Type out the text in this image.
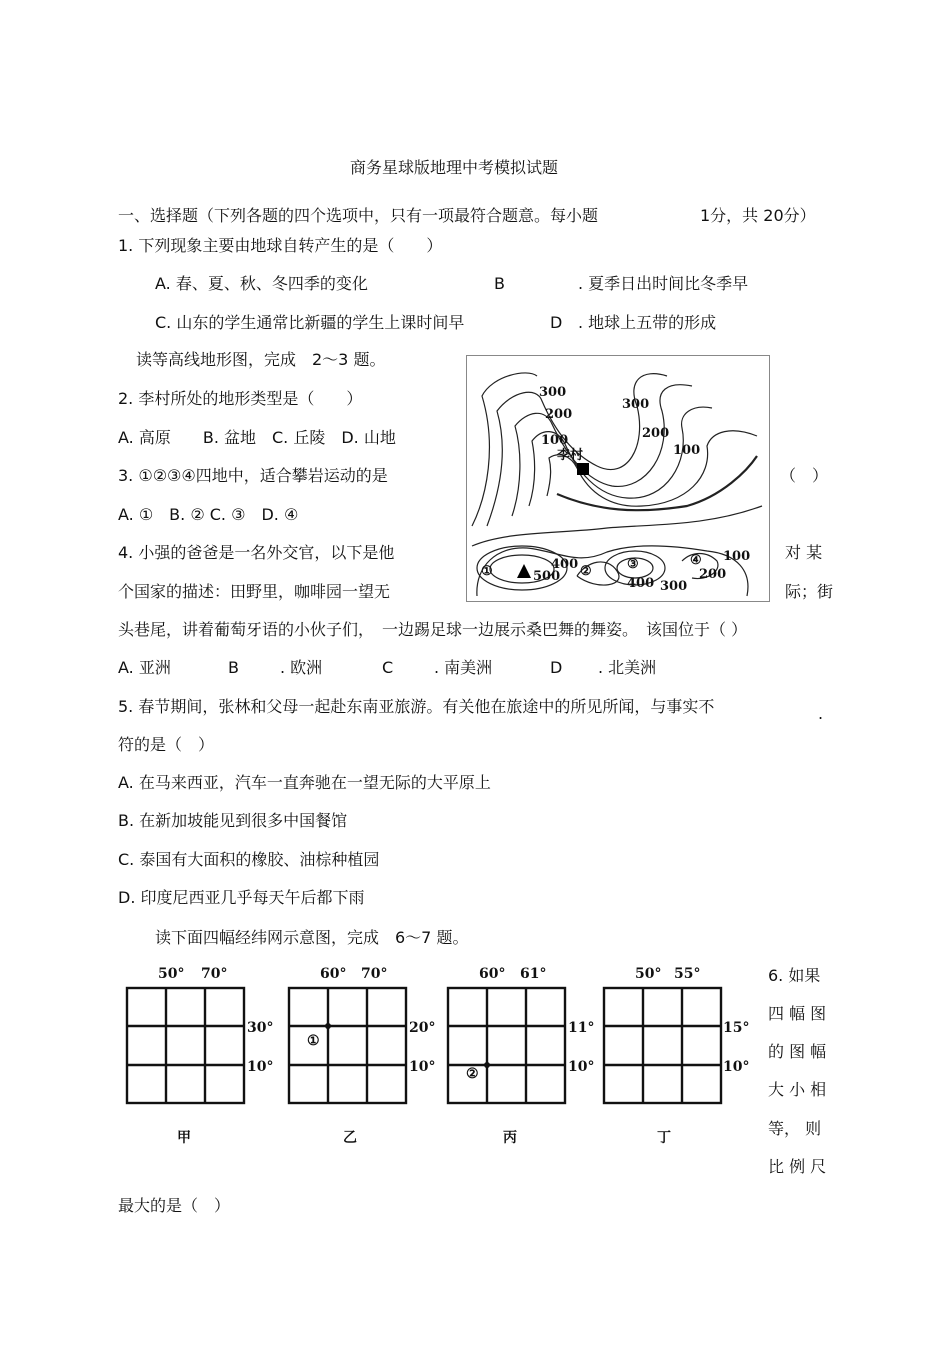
商务星球版地理中考模拟试题
一、选择题（下列各题的四个选项中，只有一项最符合题意。每小题	1分，共 20分）
1. 下列现象主要由地球自转产生的是（　　）
A. 春、夏、秋、冬四季的变化	B	. 夏季日出时间比冬季早
C. 山东的学生通常比新疆的学生上课时间早	D . 地球上五带的形成
读等高线地形图，完成　2～3 题。
2. 李村所处的地形类型是（　　）
A. 高原　　B. 盆地　C. 丘陵　D. 山地
3. ①②③④四地中，适合攀岩运动的是	（　）
A. ①　B. ② C. ③　D. ④
300
200
100
300
200
100
李村
①	500
400 ②	③
400 300
④
200
100
4. 小强的爸爸是一名外交官，以下是他	对 某
个国家的描述：田野里，咖啡园一望无	际；街
头巷尾，讲着葡萄牙语的小伙子们，　一边踢足球一边展示桑巴舞的舞姿。　该国位于（ ）
A. 亚洲	B	. 欧洲	C	. 南美洲	D . 北美洲
5. 春节期间，张林和父母一起赴东南亚旅游。有关他在旅途中的所见所闻，与事实不	.
符的是（　）
A. 在马来西亚，汽车一直奔驰在一望无际的大平原上
B. 在新加坡能见到很多中国餐馆
C. 泰国有大面积的橡胶、油棕种植园
D. 印度尼西亚几乎每天午后都下雨
读下面四幅经纬网示意图，完成　6～7 题。
50° 70°
30°
10°
甲
60° 70°
20°
10°
①
乙
60° 61°
11°
10°
②
丙
50° 55°
15°
10°
丁
6. 如果
四 幅 图
的 图 幅
大 小 相
等， 则
比 例 尺
最大的是（　）
